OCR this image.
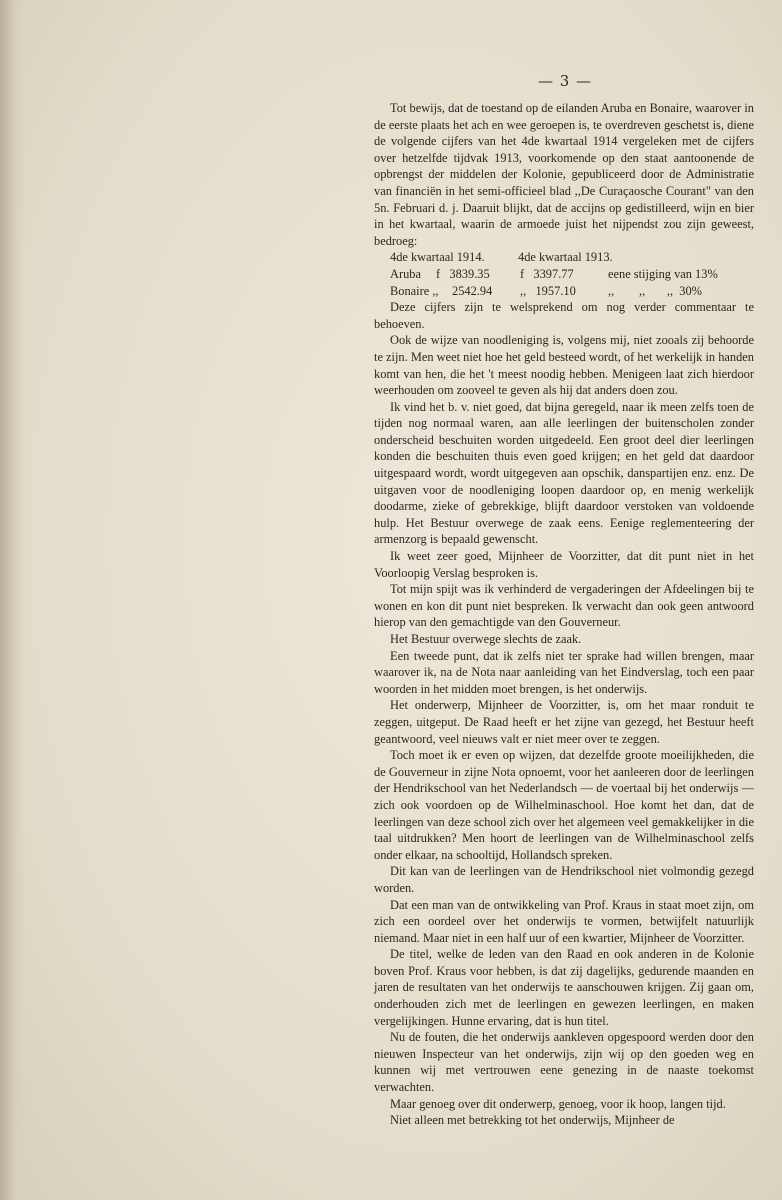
— 3 —

Tot bewijs, dat de toestand op de eilanden Aruba en Bonaire, waarover in de eerste plaats het ach en wee geroepen is, te overdreven geschetst is, diene de volgende cijfers van het 4de kwartaal 1914 vergeleken met de cijfers over hetzelfde tijdvak 1913, voorkomende op den staat aantoonende de opbrengst der middelen der Kolonie, gepubliceerd door de Administratie van financiën in het semi-officieel blad ,,De Curaçaosche Courant" van den 5n. Februari d. j. Daaruit blijkt, dat de accijns op gedistilleerd, wijn en bier in het kwartaal, waarin de armoede juist het nijpendst zou zijn geweest, bedroeg:

4de kwartaal 1914.	4de kwartaal 1913.
Aruba	f   3839.35	f   3397.77	eene stijging van 13%
Bonaire ,,	2542.94	,,   1957.10	,,        ,,       ,,  30%

Deze cijfers zijn te welsprekend om nog verder commentaar te behoeven.

Ook de wijze van noodleniging is, volgens mij, niet zooals zij behoorde te zijn. Men weet niet hoe het geld besteed wordt, of het werkelijk in handen komt van hen, die het 't meest noodig hebben. Menigeen laat zich hierdoor weerhouden om zooveel te geven als hij dat anders doen zou.

Ik vind het b. v. niet goed, dat bijna geregeld, naar ik meen zelfs toen de tijden nog normaal waren, aan alle leerlingen der buitenscholen zonder onderscheid beschuiten worden uitgedeeld. Een groot deel dier leerlingen konden die beschuiten thuis even goed krijgen; en het geld dat daardoor uitgespaard wordt, wordt uitgegeven aan opschik, danspartijen enz. enz. De uitgaven voor de noodleniging loopen daardoor op, en menig werkelijk doodarme, zieke of gebrekkige, blijft daardoor verstoken van voldoende hulp. Het Bestuur overwege de zaak eens. Eenige reglementeering der armenzorg is bepaald gewenscht.

Ik weet zeer goed, Mijnheer de Voorzitter, dat dit punt niet in het Voorloopig Verslag besproken is.

Tot mijn spijt was ik verhinderd de vergaderingen der Afdeelingen bij te wonen en kon dit punt niet bespreken. Ik verwacht dan ook geen antwoord hierop van den gemachtigde van den Gouverneur.

Het Bestuur overwege slechts de zaak.

Een tweede punt, dat ik zelfs niet ter sprake had willen brengen, maar waarover ik, na de Nota naar aanleiding van het Eindverslag, toch een paar woorden in het midden moet brengen, is het onderwijs.

Het onderwerp, Mijnheer de Voorzitter, is, om het maar ronduit te zeggen, uitgeput. De Raad heeft er het zijne van gezegd, het Bestuur heeft geantwoord, veel nieuws valt er niet meer over te zeggen.

Toch moet ik er even op wijzen, dat dezelfde groote moeilijkheden, die de Gouverneur in zijne Nota opnoemt, voor het aanleeren door de leerlingen der Hendrikschool van het Nederlandsch — de voertaal bij het onderwijs — zich ook voordoen op de Wilhelminaschool. Hoe komt het dan, dat de leerlingen van deze school zich over het algemeen veel gemakkelijker in die taal uitdrukken? Men hoort de leerlingen van de Wilhelminaschool zelfs onder elkaar, na schooltijd, Hollandsch spreken.

Dit kan van de leerlingen van de Hendrikschool niet volmondig gezegd worden.

Dat een man van de ontwikkeling van Prof. Kraus in staat moet zijn, om zich een oordeel over het onderwijs te vormen, betwijfelt natuurlijk niemand. Maar niet in een half uur of een kwartier, Mijnheer de Voorzitter.

De titel, welke de leden van den Raad en ook anderen in de Kolonie boven Prof. Kraus voor hebben, is dat zij dagelijks, gedurende maanden en jaren de resultaten van het onderwijs te aanschouwen krijgen. Zij gaan om, onderhouden zich met de leerlingen en gewezen leerlingen, en maken vergelijkingen. Hunne ervaring, dat is hun titel.

Nu de fouten, die het onderwijs aankleven opgespoord werden door den nieuwen Inspecteur van het onderwijs, zijn wij op den goeden weg en kunnen wij met vertrouwen eene genezing in de naaste toekomst verwachten.

Maar genoeg over dit onderwerp, genoeg, voor ik hoop, langen tijd.

Niet alleen met betrekking tot het onderwijs, Mijnheer de
